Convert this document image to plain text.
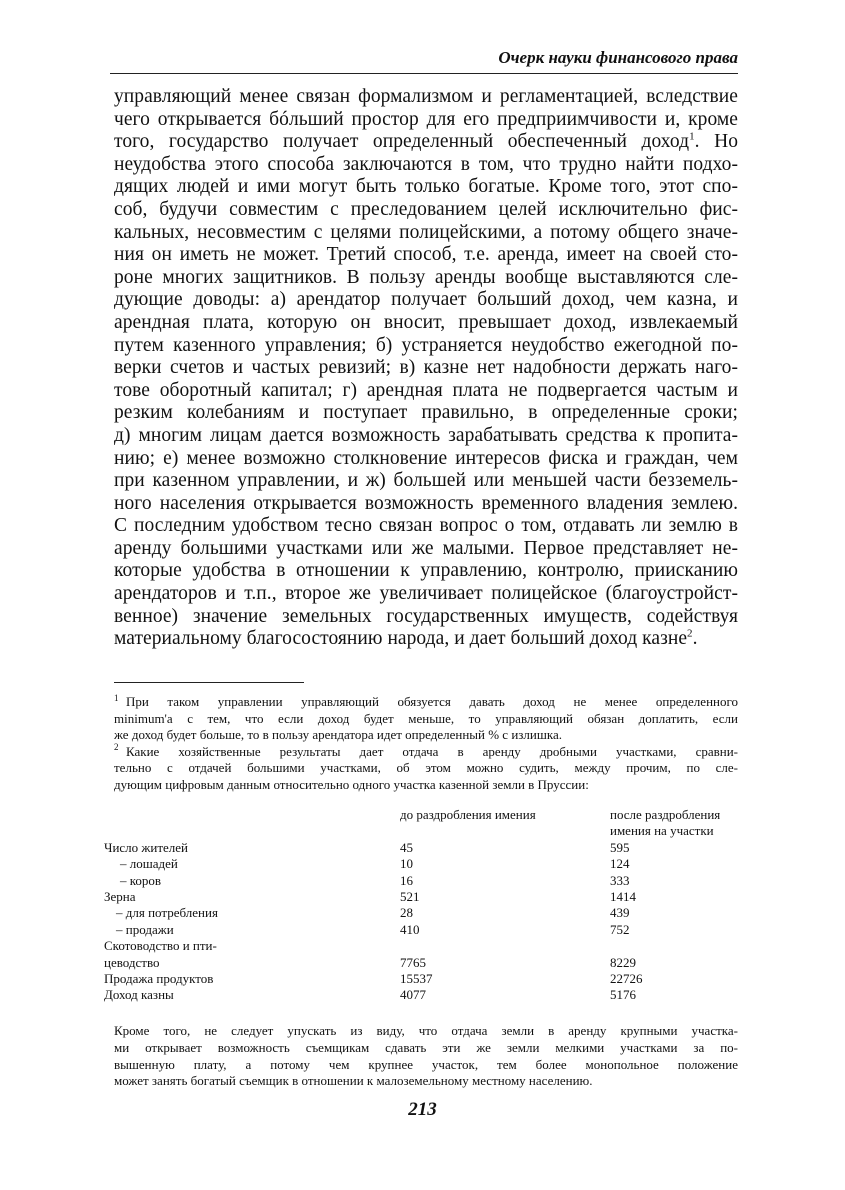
Очерк науки финансового права
управляющий менее связан формализмом и регламентацией, вследствие
чего открывается бóльший простор для его предприимчивости и, кроме
того, государство получает определенный обеспеченный доход$^1$. Но
неудобства этого способа заключаются в том, что трудно найти подхо-
дящих людей и ими могут быть только богатые. Кроме того, этот спо-
соб, будучи совместим с преследованием целей исключительно фис-
кальных, несовместим с целями полицейскими, а потому общего значе-
ния он иметь не может. Третий способ, т.е. аренда, имеет на своей сто-
роне многих защитников. В пользу аренды вообще выставляются сле-
дующие доводы: а) арендатор получает больший доход, чем казна, и
арендная плата, которую он вносит, превышает доход, извлекаемый
путем казенного управления; б) устраняется неудобство ежегодной по-
верки счетов и частых ревизий; в) казне нет надобности держать наго-
тове оборотный капитал; г) арендная плата не подвергается частым и
резким колебаниям и поступает правильно, в определенные сроки;
д) многим лицам дается возможность зарабатывать средства к пропита-
нию; е) менее возможно столкновение интересов фиска и граждан, чем
при казенном управлении, и ж) большей или меньшей части безземель-
ного населения открывается возможность временного владения землею.
С последним удобством тесно связан вопрос о том, отдавать ли землю в
аренду большими участками или же малыми. Первое представляет не-
которые удобства в отношении к управлению, контролю, приисканию
арендаторов и т.п., второе же увеличивает полицейское (благоустройст-
венное) значение земельных государственных имуществ, содействуя
материальному благосостоянию народа, и дает больший доход казне$^2$.
1 При таком управлении управляющий обязуется давать доход не менее определенного
minimum'а с тем, что если доход будет меньше, то управляющий обязан доплатить, если
же доход будет больше, то в пользу арендатора идет определенный % с излишка.
2 Какие хозяйственные результаты дает отдача в аренду дробными участками, сравни-
тельно с отдачей большими участками, об этом можно судить, между прочим, по сле-
дующим цифровым данным относительно одного участка казенной земли в Пруссии:
	до раздробления имения	после раздробления
		имения на участки
Число жителей	45	595
– лошадей	10	124
– коров	16	333
Зерна	521	1414
– для потребления	28	439
– продажи	410	752
Скотоводство и пти-		
цеводство	7765	8229
Продажа продуктов	15537	22726
Доход казны	4077	5176
Кроме того, не следует упускать из виду, что отдача земли в аренду крупными участка-
ми открывает возможность съемщикам сдавать эти же земли мелкими участками за по-
вышенную плату, а потому чем крупнее участок, тем более монопольное положение
может занять богатый съемщик в отношении к малоземельному местному населению.
213
